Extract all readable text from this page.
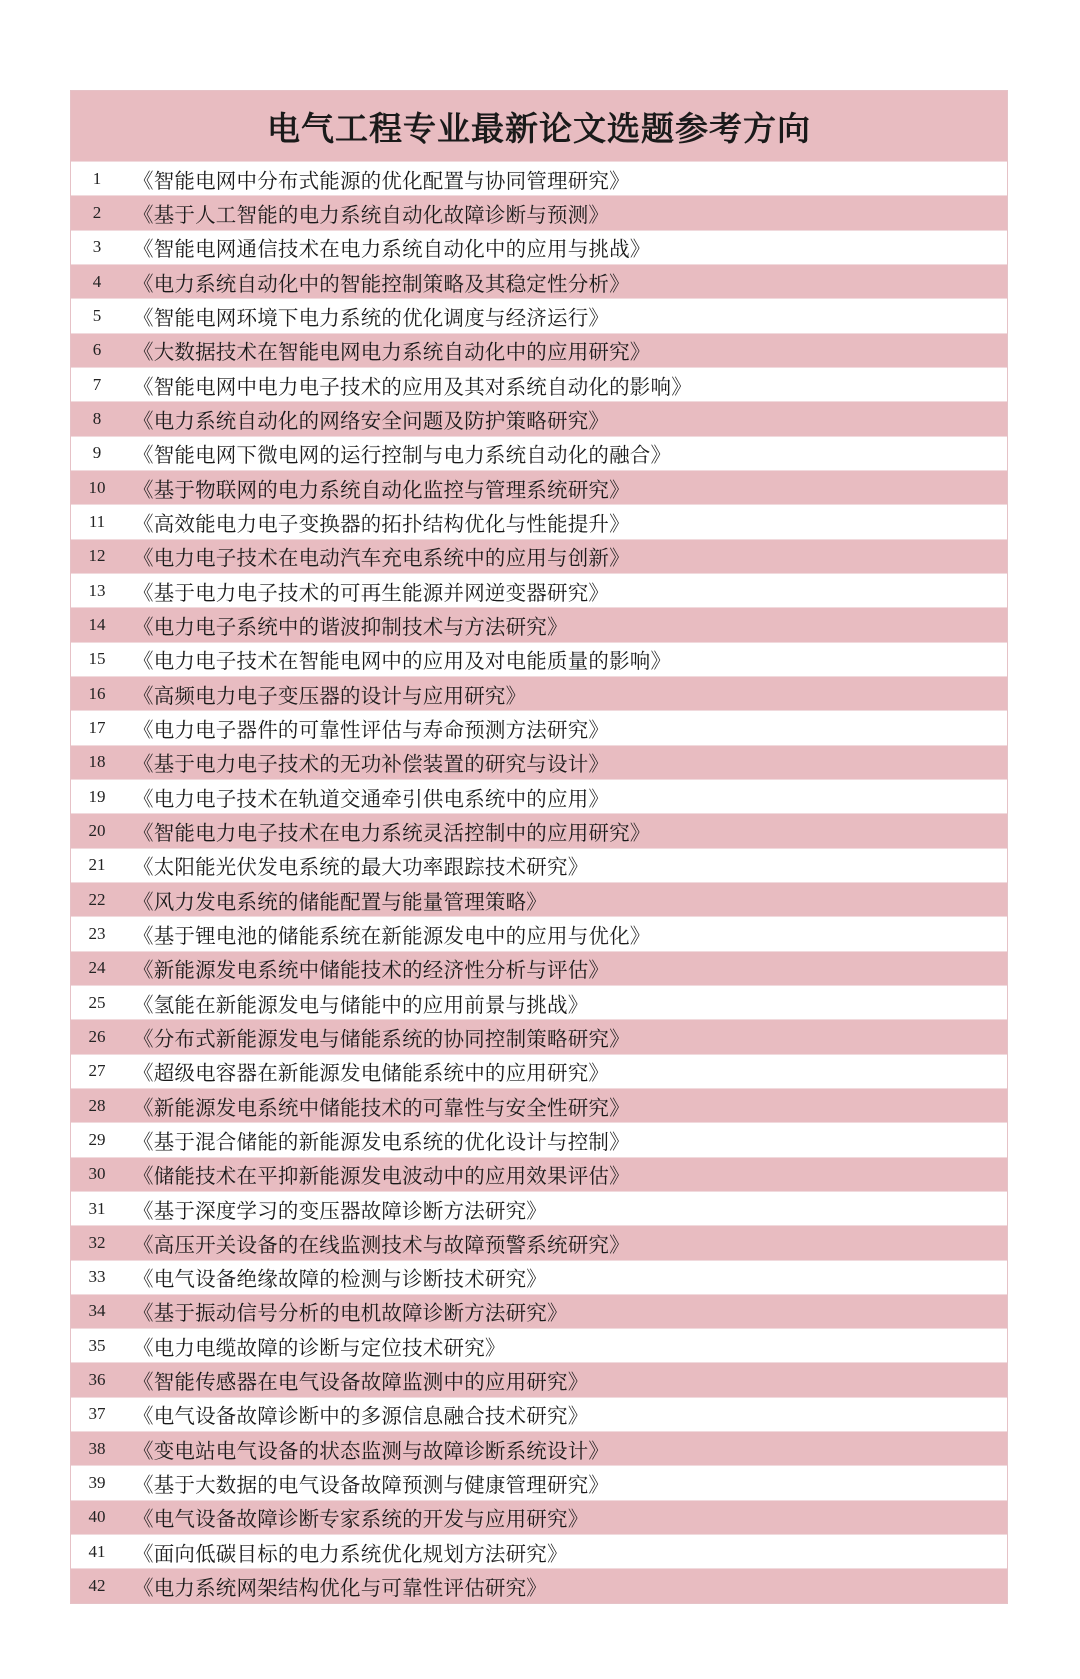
电气工程专业最新论文选题参考方向
1	《智能电网中分布式能源的优化配置与协同管理研究》
2	《基于人工智能的电力系统自动化故障诊断与预测》
3	《智能电网通信技术在电力系统自动化中的应用与挑战》
4	《电力系统自动化中的智能控制策略及其稳定性分析》
5	《智能电网环境下电力系统的优化调度与经济运行》
6	《大数据技术在智能电网电力系统自动化中的应用研究》
7	《智能电网中电力电子技术的应用及其对系统自动化的影响》
8	《电力系统自动化的网络安全问题及防护策略研究》
9	《智能电网下微电网的运行控制与电力系统自动化的融合》
10	《基于物联网的电力系统自动化监控与管理系统研究》
11	《高效能电力电子变换器的拓扑结构优化与性能提升》
12	《电力电子技术在电动汽车充电系统中的应用与创新》
13	《基于电力电子技术的可再生能源并网逆变器研究》
14	《电力电子系统中的谐波抑制技术与方法研究》
15	《电力电子技术在智能电网中的应用及对电能质量的影响》
16	《高频电力电子变压器的设计与应用研究》
17	《电力电子器件的可靠性评估与寿命预测方法研究》
18	《基于电力电子技术的无功补偿装置的研究与设计》
19	《电力电子技术在轨道交通牵引供电系统中的应用》
20	《智能电力电子技术在电力系统灵活控制中的应用研究》
21	《太阳能光伏发电系统的最大功率跟踪技术研究》
22	《风力发电系统的储能配置与能量管理策略》
23	《基于锂电池的储能系统在新能源发电中的应用与优化》
24	《新能源发电系统中储能技术的经济性分析与评估》
25	《氢能在新能源发电与储能中的应用前景与挑战》
26	《分布式新能源发电与储能系统的协同控制策略研究》
27	《超级电容器在新能源发电储能系统中的应用研究》
28	《新能源发电系统中储能技术的可靠性与安全性研究》
29	《基于混合储能的新能源发电系统的优化设计与控制》
30	《储能技术在平抑新能源发电波动中的应用效果评估》
31	《基于深度学习的变压器故障诊断方法研究》
32	《高压开关设备的在线监测技术与故障预警系统研究》
33	《电气设备绝缘故障的检测与诊断技术研究》
34	《基于振动信号分析的电机故障诊断方法研究》
35	《电力电缆故障的诊断与定位技术研究》
36	《智能传感器在电气设备故障监测中的应用研究》
37	《电气设备故障诊断中的多源信息融合技术研究》
38	《变电站电气设备的状态监测与故障诊断系统设计》
39	《基于大数据的电气设备故障预测与健康管理研究》
40	《电气设备故障诊断专家系统的开发与应用研究》
41	《面向低碳目标的电力系统优化规划方法研究》
42	《电力系统网架结构优化与可靠性评估研究》
